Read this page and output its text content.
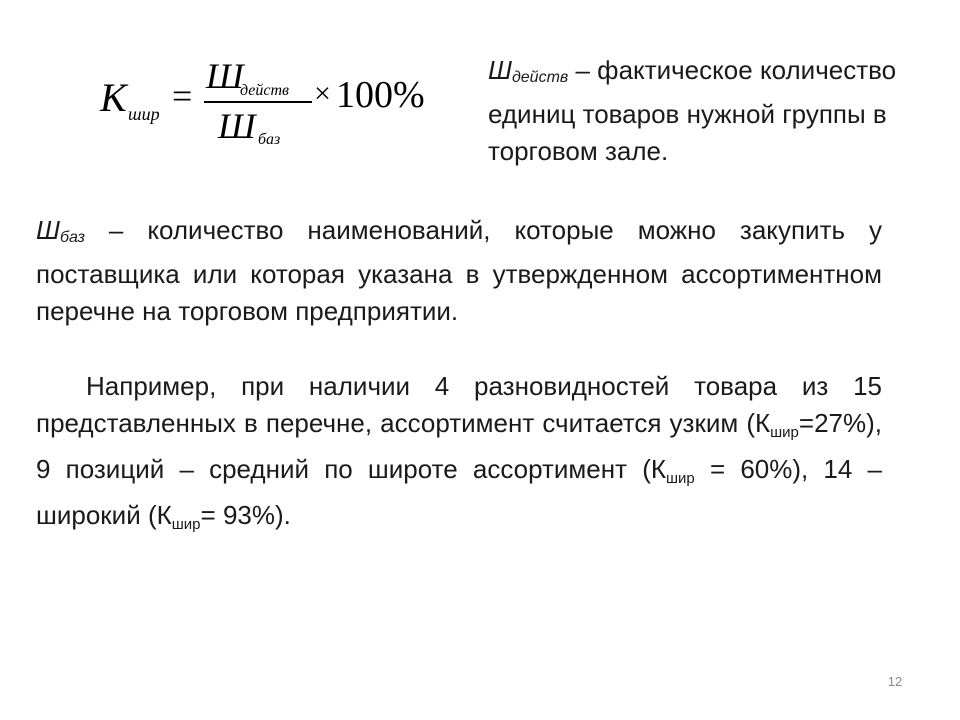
К шир = Ш
действ
Ш баз
× 100%
Шдейств – фактическое количество единиц товаров нужной группы в торговом зале.
Шбаз – количество наименований, которые можно закупить у поставщика или которая указана в утвержденном ассортиментном перечне на торговом предприятии.
Например, при наличии 4 разновидностей товара из 15 представленных в перечне, ассортимент считается узким $(К_{шир}=27\%)$, 9 позиций – средний по широте ассортимент $(К_{шир} = 60\%)$, 14 – широкий $(К_{шир}= 93\%)$.
12
